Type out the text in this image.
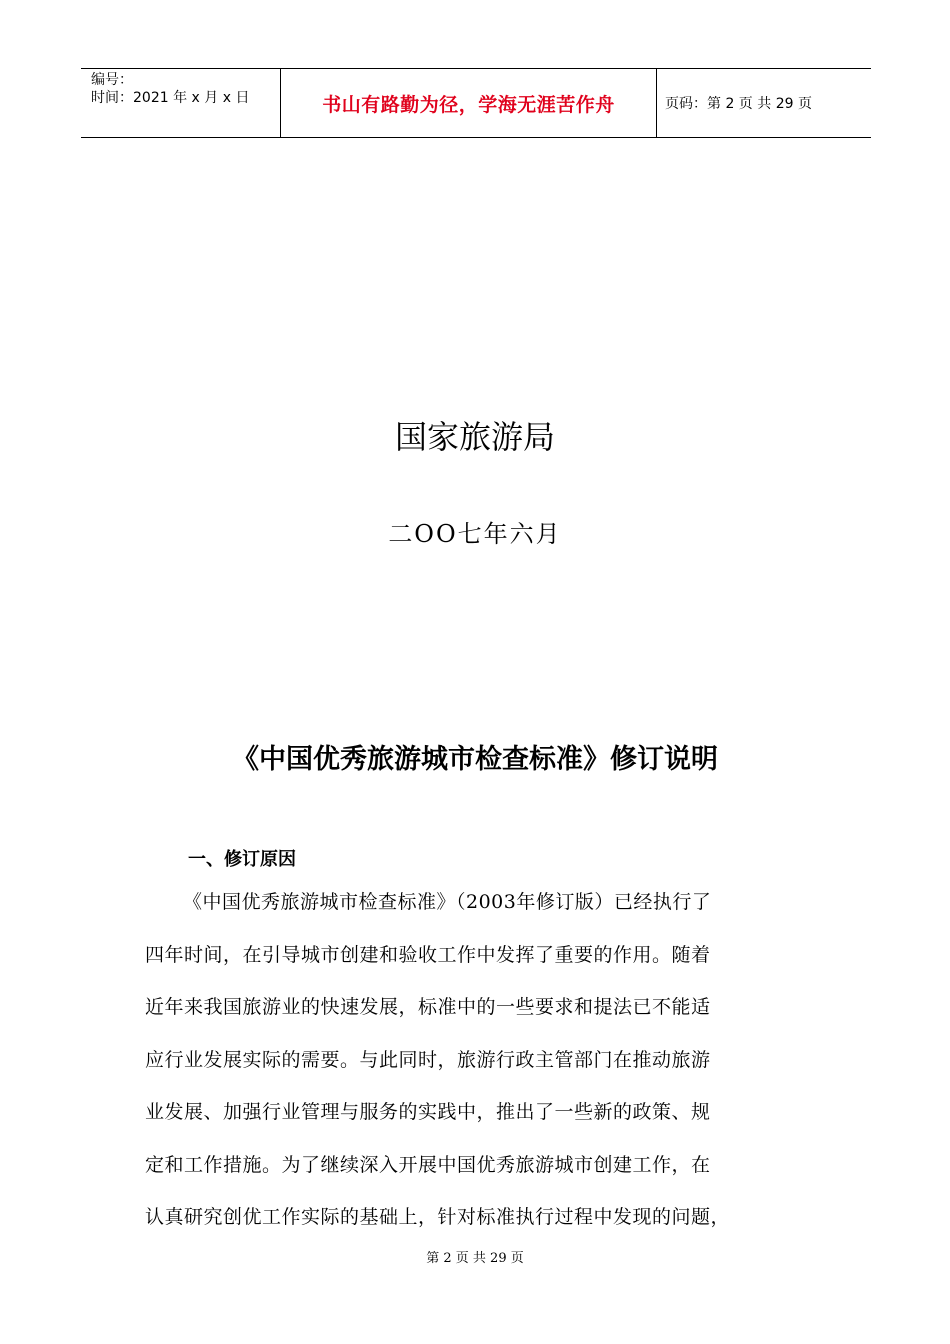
编号：
时间：2021 年 x 月 x 日	书山有路勤为径，学海无涯苦作舟	页码：第 2 页 共 29 页
国家旅游局
二OO七年六月
《中国优秀旅游城市检查标准》修订说明
一、修订原因
《中国优秀旅游城市检查标准》（2003年修订版）已经执行了
四年时间，在引导城市创建和验收工作中发挥了重要的作用。随着
近年来我国旅游业的快速发展，标准中的一些要求和提法已不能适
应行业发展实际的需要。与此同时，旅游行政主管部门在推动旅游
业发展、加强行业管理与服务的实践中，推出了一些新的政策、规
定和工作措施。为了继续深入开展中国优秀旅游城市创建工作，在
认真研究创优工作实际的基础上，针对标准执行过程中发现的问题，
第 2 页 共 29 页
